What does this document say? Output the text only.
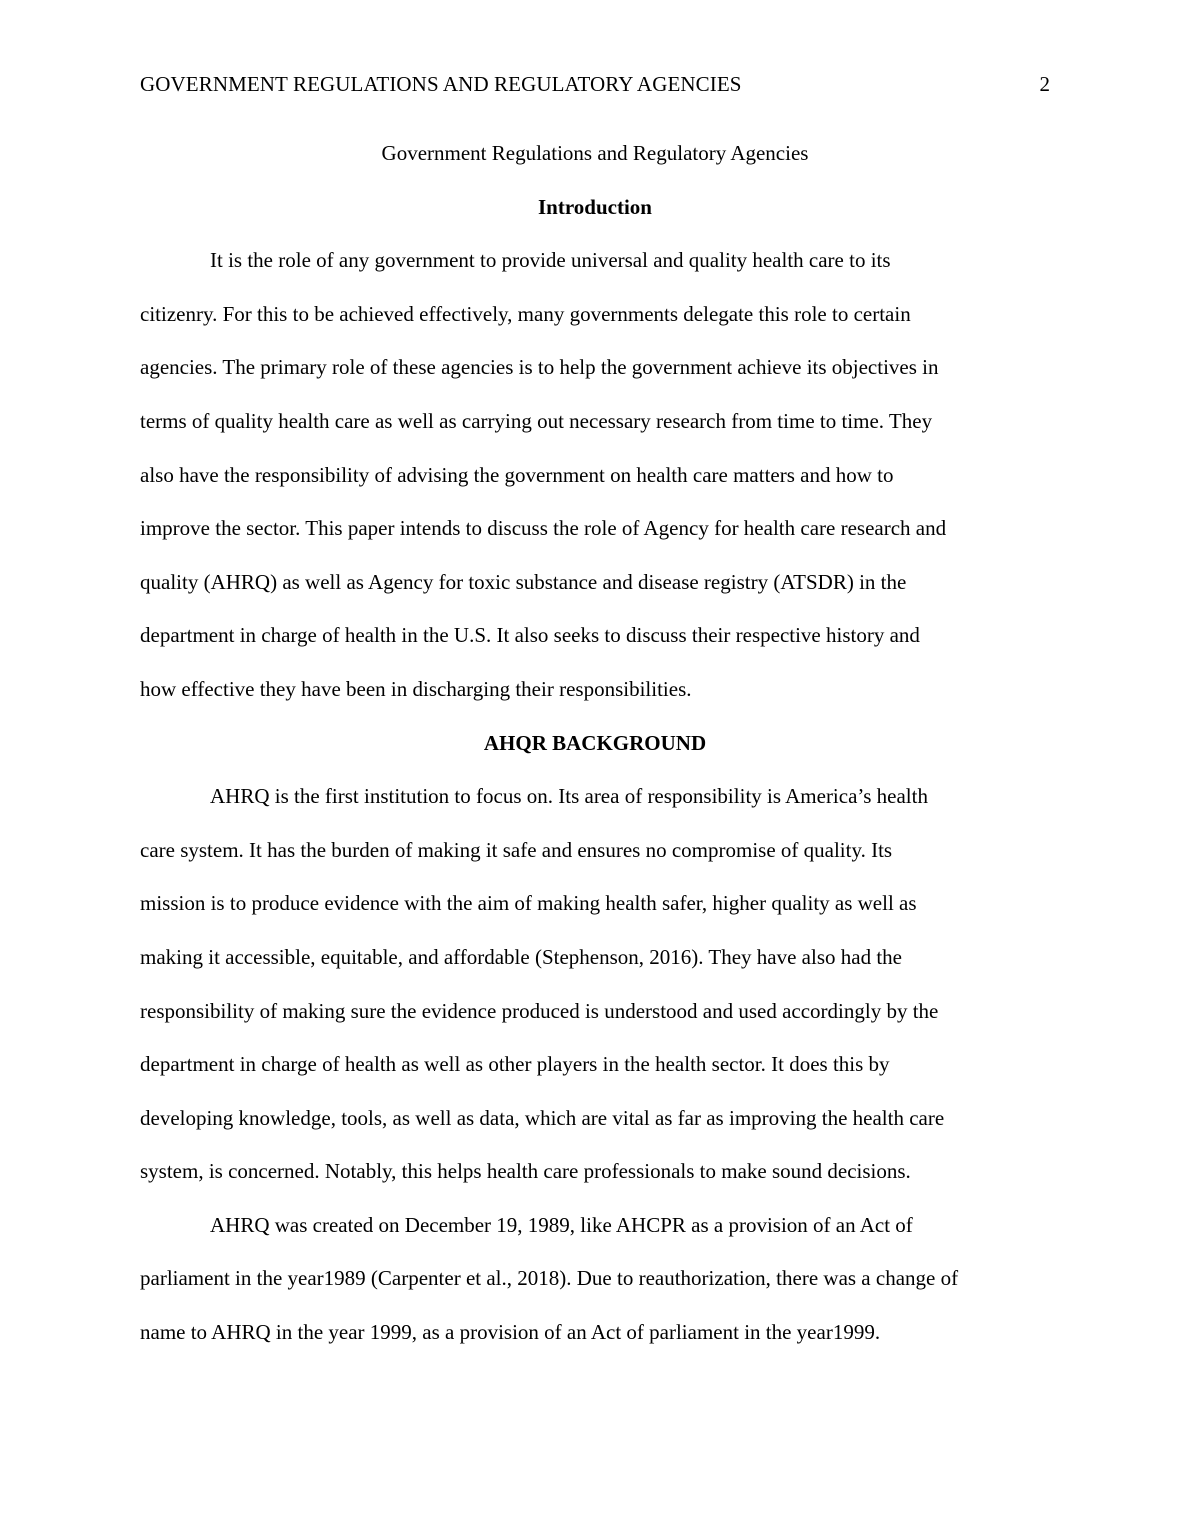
GOVERNMENT REGULATIONS AND REGULATORY AGENCIES	2
Government Regulations and Regulatory Agencies
Introduction
It is the role of any government to provide universal and quality health care to its
citizenry. For this to be achieved effectively, many governments delegate this role to certain
agencies. The primary role of these agencies is to help the government achieve its objectives in
terms of quality health care as well as carrying out necessary research from time to time. They
also have the responsibility of advising the government on health care matters and how to
improve the sector. This paper intends to discuss the role of Agency for health care research and
quality (AHRQ) as well as Agency for toxic substance and disease registry (ATSDR) in the
department in charge of health in the U.S. It also seeks to discuss their respective history and
how effective they have been in discharging their responsibilities.
AHQR BACKGROUND
AHRQ is the first institution to focus on. Its area of responsibility is America’s health
care system. It has the burden of making it safe and ensures no compromise of quality. Its
mission is to produce evidence with the aim of making health safer, higher quality as well as
making it accessible, equitable, and affordable (Stephenson, 2016). They have also had the
responsibility of making sure the evidence produced is understood and used accordingly by the
department in charge of health as well as other players in the health sector. It does this by
developing knowledge, tools, as well as data, which are vital as far as improving the health care
system, is concerned. Notably, this helps health care professionals to make sound decisions.
AHRQ was created on December 19, 1989, like AHCPR as a provision of an Act of
parliament in the year1989 (Carpenter et al., 2018). Due to reauthorization, there was a change of
name to AHRQ in the year 1999, as a provision of an Act of parliament in the year1999.
